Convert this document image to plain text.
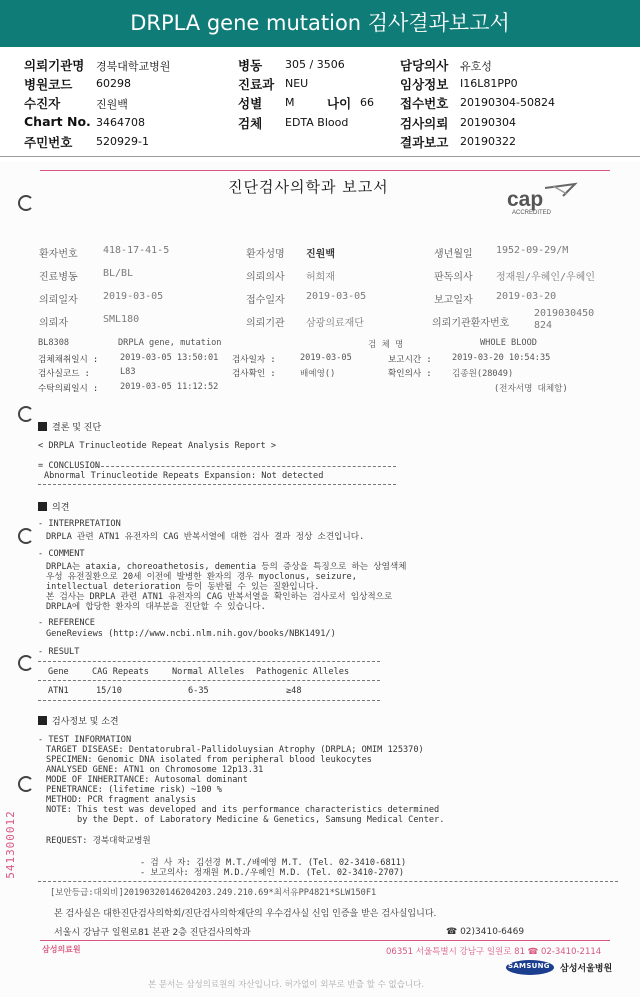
DRPLA gene mutation 검사결과보고서
의뢰기관명 경북대학교병원
병원코드 60298
수진자	진원백
Chart No. 3464708
주민번호 520929-1
병동 305 / 3506
진료과 NEU
성별 M	나이 66
검체 EDTA Blood
담당의사 유호성
임상정보 I16L81PP0
접수번호 20190304-50824
검사의뢰 20190304
결과보고 20190322
진단검사의학과 보고서
cap
ACCREDITED
환자번호	418-17-41-5	환자성명 진원백	생년월일 1952-09-29/M
진료병동	BL/BL	의뢰의사 허희재	판독의사 정재원/우혜인/우혜인
의뢰일자	2019-03-05	접수일자 2019-03-05	보고일자 2019-03-20
의뢰자	SML180	의뢰기관 삼광의료재단	의뢰기관환자번호
2019030450824
BL8308	DRPLA gene, mutation	검 체 명	WHOLE BLOOD
검체채취일시 :	2019-03-05 13:50:01 검사일자 :	2019-03-05	보고시간 : 2019-03-20 10:54:35
검사실코드 :	L83	검사확인 :	배예영()	확인의사 : 김종원(28049)
수탁의뢰일시 :	2019-03-05 11:12:52	(전자서명 대체함)
결론 및 진단
< DRPLA Trinucleotide Repeat Analysis Report >
= CONCLUSION
Abnormal Trinucleotide Repeats Expansion: Not detected
의견
- INTERPRETATION
DRPLA 관련 ATN1 유전자의 CAG 반복서열에 대한 검사 결과 정상 소견입니다.
- COMMENT
DRPLA는 ataxia, choreoathetosis, dementia 등의 증상을 특징으로 하는 상염색체
우성 유전질환으로 20세 이전에 발병한 환자의 경우 myoclonus, seizure,
intellectual deterioration 등이 동반될 수 있는 질환입니다.
본 검사는 DRPLA 관련 ATN1 유전자의 CAG 반복서열을 확인하는 검사로서 임상적으로
DRPLA에 합당한 환자의 대부분을 진단할 수 있습니다.
- REFERENCE
GeneReviews (http://www.ncbi.nlm.nih.gov/books/NBK1491/)
- RESULT
Gene	CAG Repeats	Normal Alleles Pathogenic Alleles
ATN1	15/10	6-35	≥48
검사정보 및 소견
- TEST INFORMATION
TARGET DISEASE: Dentatorubral-Pallidoluysian Atrophy (DRPLA; OMIM 125370)
SPECIMEN: Genomic DNA isolated from peripheral blood leukocytes
ANALYSED GENE: ATN1 on Chromosome 12p13.31
MODE OF INHERITANCE: Autosomal dominant
PENETRANCE: (lifetime risk) ~100 %
METHOD: PCR fragment analysis
NOTE: This test was developed and its performance characteristics determined
by the Dept. of Laboratory Medicine & Genetics, Samsung Medical Center.
REQUEST: 경북대학교병원
- 검 사 자: 김선경 M.T./배예영 M.T. (Tel. 02-3410-6811)
- 보고의사: 정재원 M.D./우혜인 M.D. (Tel. 02-3410-2707)
541300012
[보안등급:대외비]20190320146204203.249.210.69*최서유PP4821*SLW150F1
본 검사실은 대한진단검사의학회/진단검사의학재단의 우수검사실 신임 인증을 받은 검사실입니다.
서울시 강남구 일원로81 본관 2층 진단검사의학과	☎ 02)3410-6469
삼성의료원	06351 서울특별시 강남구 일원로 81 ☎ 02-3410-2114
SAMSUNG 삼성서울병원
본 문서는 삼성의료원의 자산입니다. 허가없이 외부로 반출 할 수 없습니다.
